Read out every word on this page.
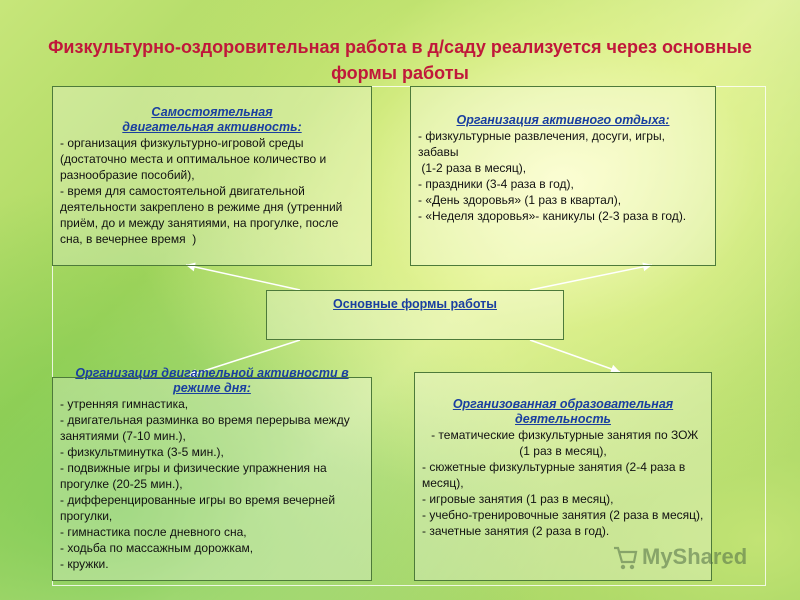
Физкультурно-оздоровительная работа в д/саду реализуется через основные формы работы
Самостоятельная
двигательная активность:
- организация физкультурно-игровой среды (достаточно места и оптимальное количество и разнообразие пособий),
- время для самостоятельной двигательной деятельности закреплено в режиме дня (утренний приём, до и между занятиями, на прогулке, после сна, в вечернее время  )
Организация активного отдыха:
- физкультурные развлечения, досуги, игры, забавы
(1-2 раза в месяц),
- праздники (3-4 раза в год),
- «День здоровья» (1 раз в квартал),
- «Неделя здоровья»- каникулы (2-3 раза в год).
Основные формы работы
Организация двигательной активности в режиме дня:
- утренняя гимнастика,
- двигательная разминка во время перерыва между занятиями (7-10 мин.),
- физкультминутка (3-5 мин.),
- подвижные игры и физические упражнения на прогулке (20-25 мин.),
- дифференцированные игры во время вечерней прогулки,
- гимнастика после дневного сна,
- ходьба по массажным дорожкам,
- кружки.
Организованная образовательная деятельность
- тематические физкультурные занятия по ЗОЖ (1 раз в месяц),
- сюжетные физкультурные занятия (2-4 раза в месяц),
- игровые занятия (1 раз в месяц),
- учебно-тренировочные занятия (2 раза в месяц),
- зачетные занятия (2 раза в год).
MyShared
